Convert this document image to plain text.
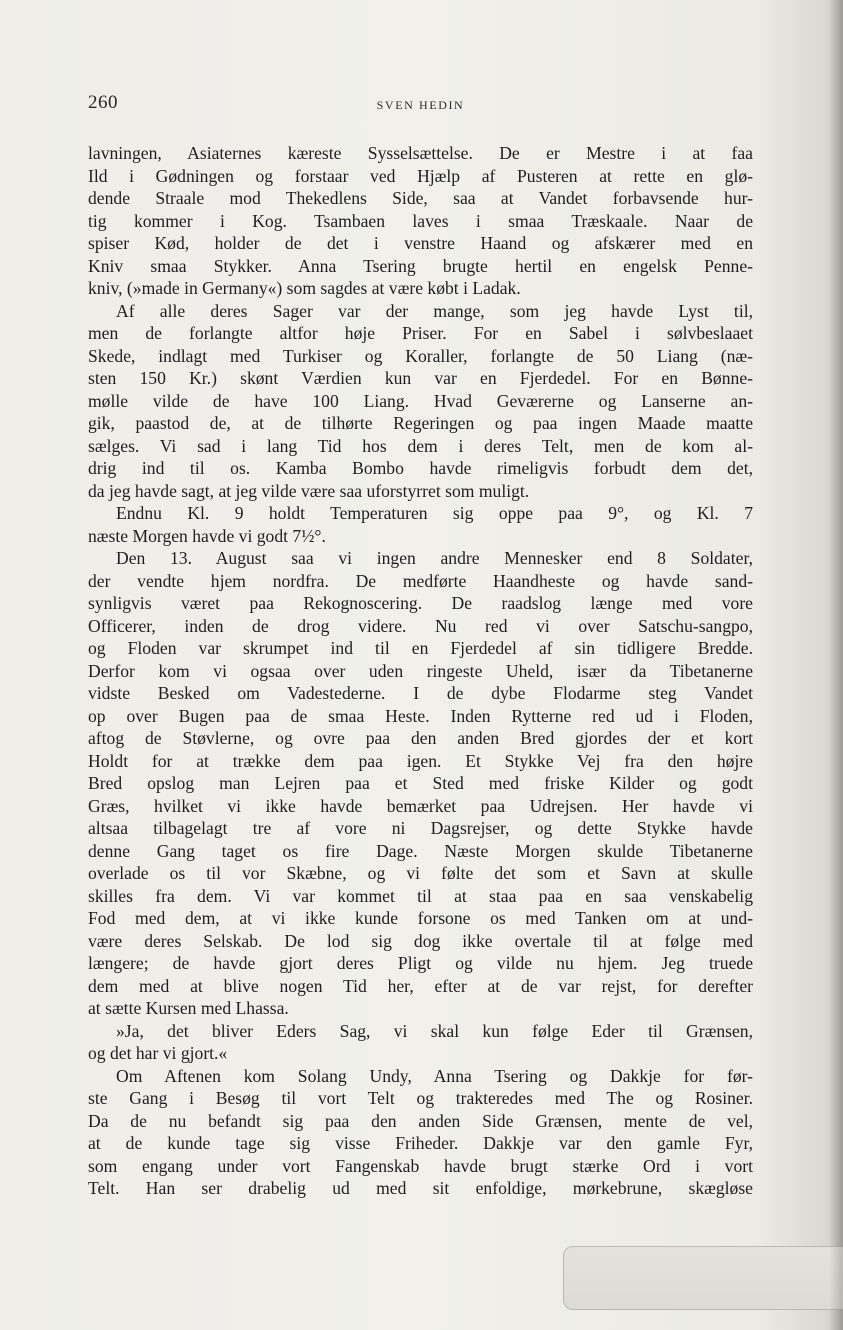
260	SVEN HEDIN
lavningen, Asiaternes kæreste Sysselsættelse. De er Mestre i at faa
Ild i Gødningen og forstaar ved Hjælp af Pusteren at rette en glø-
dende Straale mod Thekedlens Side, saa at Vandet forbavsende hur-
tig kommer i Kog. Tsambaen laves i smaa Træskaale. Naar de
spiser Kød, holder de det i venstre Haand og afskærer med en
Kniv smaa Stykker. Anna Tsering brugte hertil en engelsk Penne-
kniv, (»made in Germany«) som sagdes at være købt i Ladak.
Af alle deres Sager var der mange, som jeg havde Lyst til,
men de forlangte altfor høje Priser. For en Sabel i sølvbeslaaet
Skede, indlagt med Turkiser og Koraller, forlangte de 50 Liang (næ-
sten 150 Kr.) skønt Værdien kun var en Fjerdedel. For en Bønne-
mølle vilde de have 100 Liang. Hvad Geværerne og Lanserne an-
gik, paastod de, at de tilhørte Regeringen og paa ingen Maade maatte
sælges. Vi sad i lang Tid hos dem i deres Telt, men de kom al-
drig ind til os. Kamba Bombo havde rimeligvis forbudt dem det,
da jeg havde sagt, at jeg vilde være saa uforstyrret som muligt.
Endnu Kl. 9 holdt Temperaturen sig oppe paa 9°, og Kl. 7
næste Morgen havde vi godt 7½°.
Den 13. August saa vi ingen andre Mennesker end 8 Soldater,
der vendte hjem nordfra. De medførte Haandheste og havde sand-
synligvis været paa Rekognoscering. De raadslog længe med vore
Officerer, inden de drog videre. Nu red vi over Satschu-sangpo,
og Floden var skrumpet ind til en Fjerdedel af sin tidligere Bredde.
Derfor kom vi ogsaa over uden ringeste Uheld, især da Tibetanerne
vidste Besked om Vadestederne. I de dybe Flodarme steg Vandet
op over Bugen paa de smaa Heste. Inden Rytterne red ud i Floden,
aftog de Støvlerne, og ovre paa den anden Bred gjordes der et kort
Holdt for at trække dem paa igen. Et Stykke Vej fra den højre
Bred opslog man Lejren paa et Sted med friske Kilder og godt
Græs, hvilket vi ikke havde bemærket paa Udrejsen. Her havde vi
altsaa tilbagelagt tre af vore ni Dagsrejser, og dette Stykke havde
denne Gang taget os fire Dage. Næste Morgen skulde Tibetanerne
overlade os til vor Skæbne, og vi følte det som et Savn at skulle
skilles fra dem. Vi var kommet til at staa paa en saa venskabelig
Fod med dem, at vi ikke kunde forsone os med Tanken om at und-
være deres Selskab. De lod sig dog ikke overtale til at følge med
længere; de havde gjort deres Pligt og vilde nu hjem. Jeg truede
dem med at blive nogen Tid her, efter at de var rejst, for derefter
at sætte Kursen med Lhassa.
»Ja, det bliver Eders Sag, vi skal kun følge Eder til Grænsen,
og det har vi gjort.«
Om Aftenen kom Solang Undy, Anna Tsering og Dakkje for før-
ste Gang i Besøg til vort Telt og trakteredes med The og Rosiner.
Da de nu befandt sig paa den anden Side Grænsen, mente de vel,
at de kunde tage sig visse Friheder. Dakkje var den gamle Fyr,
som engang under vort Fangenskab havde brugt stærke Ord i vort
Telt. Han ser drabelig ud med sit enfoldige, mørkebrune, skægløse
